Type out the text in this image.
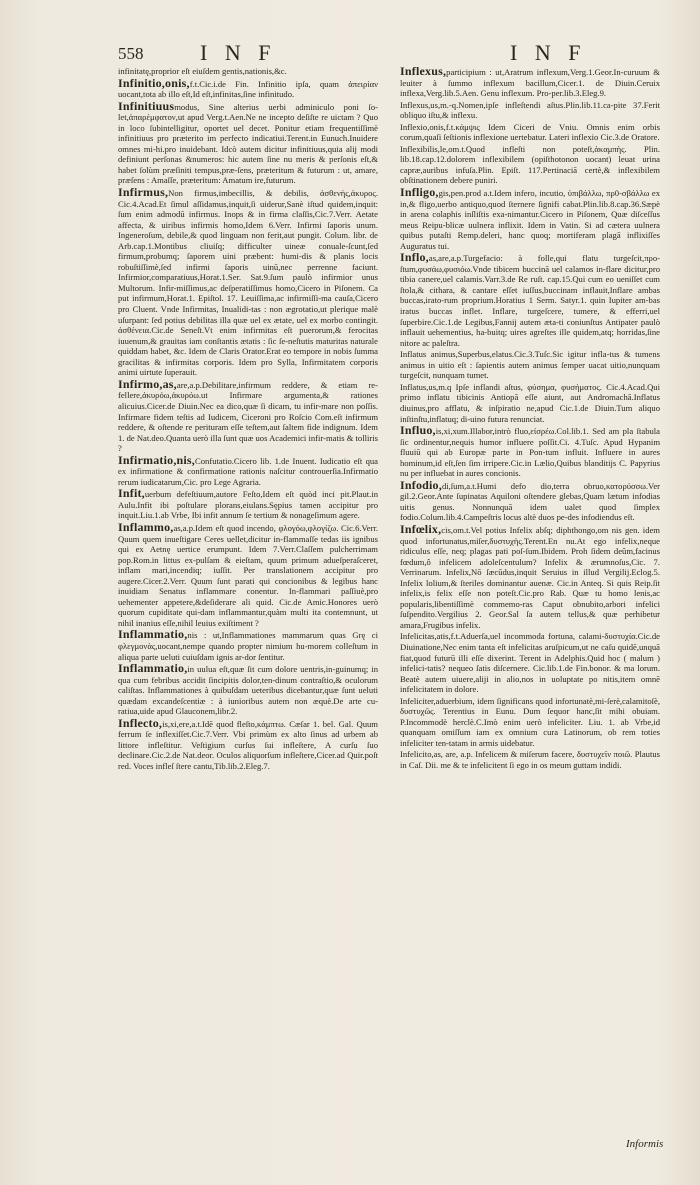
558	I N F	I N F

infinitatę,proprior eſt eiuſdem gentis,nationis,&c.

Infinitio,onis,f.t.Cic.i.de Fin. Infinitio ipſa, quam ἀπειρίαν uocant,tota ab illo eſt,Id eſt,infinitas,ſine infinitudo.

Infinitiuusmodus, Sine alterius uerbi adminiculo poni ſo-let,ἀπαρέμφατον,ut apud Verg.t.Aen.Ne ne incepto deſiſte re uictam ? Quo in loco ſubintelligitur, oportet uel decet. Ponitur etiam frequentiſſimè infinitiuus pro præterito im perfecto indicatiui.Terent.in Eunuch.Inuidere omnes mi-hi.pro inuidebant. Idcò autem dicitur infinitiuus,quia alij modi definiunt perſonas &numeros: hic autem ſine nu meris & perſonis eſt,& habet ſolùm præſiniti tempus,præ-ſens, præteritum & futurum : ut, amare, præſens : Amaſſe, præteritum: Amatum ire,futurum.

Infirmus,Non firmus,imbecillis, & debilis, ἀσθενὴς,ἀκυρος. Cic.4.Acad.Et ſimul aſſidamus,inquit,ſi uiderur,Sanè iſtud quidem,inquit: ſum enim admodū infirmus. Inops & in firma claſſis,Cic.7.Verr. Aetate affecta, & uiribus infirmis homo,Idem 6.Verr. Infirmi ſaporis unum. Ingeneroſum, debile,& quod linguam non ferit,aut pungit. Colum. libr. de Arb.cap.1.Montibus cliuiſq; difficulter uineæ conuale-ſcunt,ſed firmum,probumq; ſaporem uini præbent: humi-dis & planis locis robuſtiſſimè,ſed infirmi ſaporis uinū,nec perrenne faciunt. Infirmior,comparatiuus,Horat.1.Ser. Sat.9.ſum paulò infirmior unus Multorum. Infir-miſſimus,ac deſperatiſſimus homo,Cicero in Piſonem. Ca put infirmum,Horat.1. Epiſtol. 17. Leuiſſima,ac infirmiſſi-ma cauſa,Cicero pro Cluent. Vnde Infirmitas, Inualidi-tas : non ægrotatio,ut plerique malè uſurpant: ſed potius debilitas illa quæ uel ex ætate, uel ex morbo contingit. ἀσθένεια.Cic.de Seneſt.Vt enim infirmitas eſt puerorum,& ferocitas iuuenum,& grauitas iam conſtantis ætatis : ſic ſe-neſtutis maturitas naturale quiddam habet, &c. Idem de Claris Orator.Erat eo tempore in nobis ſumma gracilitas & infirmitas corporis. Idem pro Sylla, Infirmitatem corporis animi uirtute ſuperauit.

Infirmo,as,are,a.p.Debilitare,infirmum reddere, & etiam re-fellere,ἀκυρόω,ἀκυρόω.ut Infirmare argumenta,& rationes alicuius.Cicer.de Diuin.Nec ea dico,quæ ſi dicam, tu infir-mare non poſſis. Infirmare fidem teſtis ad Iudicem, Ciceroni pro Roſcio Com.eſt infirmum reddere, & oſtende re perituram eſſe teſtem,aut ſaltem fide indignum. Idem 1. de Nat.deo.Quanta uerò illa ſunt quæ uos Academici infir-matis & tolliris ?

Infirmatio,nis,Confutatio.Cicero lib. 1.de Inuent. Iudicatio eſt qua ex infirmatione & confirmatione rationis naſcitur controuerſia.Infirmatio rerum iudicatarum,Cic. pro Lege Agraria.

Infit,uerbum defeſtiuum,autore Feſto,Idem eſt quòd inci pit.Plaut.in Aulu.Infit ibi poſtulare plorans,eiulans.Sępius tamen accipitur pro inquit.Liu.1.ab Vrbe, Ibi infit annum ſe tertium & nonageſimum agere.

Inflammo,as,a.p.Idem eſt quod incendo, φλογόω,φλογίζω. Cic.6.Verr. Quum quem inueſtigare Ceres uellet,dicitur in-flammaſſe tedas iis ignibus qui ex Aetnę uertice erumpunt. Idem 7.Verr.Claſſem pulcherrimam pop.Rom.in littus ex-pulſam & eieſtam, quum primum adueſperaſceret, inflam mari,incendiq; iuſſit. Per translationem accipitur pro augere.Cicer.2.Verr. Quum ſunt parati qui concionibus & legibus hanc inuidiam Senatus inflammare conentur. In-flammari paſſiuè,pro uehementer appetere,&deſiderare ali quid. Cic.de Amic.Honores uerò quorum cupiditate qui-dam inflammantur,quàm multi ita contemnunt, ut nihil inanius eſſe,nihil leuius exiſtiment ?

Inflammatio,nis : ut,Inflammationes mammarum quas Grę ci φλεγμονὰς,uocant,nempe quando propter nimium hu-morem colleſtum in aliqua parte ueluti cuiuſdam ignis ar-dor ſentitur.

Inflammatio,in uulua eſt,quæ ſit cum dolore uentris,in-guinumq; in qua cum febribus accidit ſincipitis dolor,ten-dinum contraſtio,& oculorum caliſtas. Inflammationes à quibuſdam ueteribus dicebantur,quæ ſunt ueluti quædam excandeſcentiæ : à iunioribus autem non æquè.De arte cu-ratiua,uide apud Glauconem,libr.2.

Inflecto,is,xi,ere,a.t.Idē quod fleſto,κάμπτω. Cæſar 1. bel. Gal. Quum ferrum ſe inflexiſſet.Cic.7.Verr. Vbi primùm ex alto ſinus ad urbem ab littore infleſtitur. Veſtigium curſus ſui infleſtere, A curſu ſuo declinare.Cic.2.de Nat.deor. Oculos aliquorſum infleſtere,Cicer.ad Quir.poſt red. Voces infleſ ſtere cantu,Tib.lib.2.Eleg.7.

Inflexus,participium : ut,Aratrum inflexum,Verg.1.Geor.In-curuum & leuiter à ſummo inflexum bacillum,Cicer.1. de Diuin.Ceruix inflexa,Verg.lib.5.Aen. Genu inflexum. Pro-per.lib.3.Eleg.9.

Inflexus,us,m.-q.Nomen,ipſe infleſtendi aſtus.Plin.lib.11.ca-pite 37.Ferit obliquo iſtu,& inflexu.

Inflexio,onis,f.t.κάμψις Idem Ciceri de Vniu. Omnis enim orbis corum,quaſi ſeſtionis inflexione uertebatur. Lateri inflexio Cic.3.de Oratore.

Inflexibilis,le,om.t.Quod infleſti non poteſt,ἀκαμπὴς. Plin. lib.18.cap.12.dolorem inflexibilem (opiſthotonon uocant) leuat urina capræ,auribus infuſa.Plin. Epiſt. 117.Pertinaciā certè,& inflexibilem obſtinationem debere puniri.

Infligo,gis,pen.prod a.t.Idem infero, incutio, ὑπιβάλλω, πρ0-σβάλλω ex in,& fligo,uerbo antiquo,quod ſternere ſignifi cabat.Plin.lib.8.cap.36.Sæpè in arena colaphis inſliſtis exa-nimantur.Cicero in Piſonem, Quæ diſceſſus meus Reipu-blicæ uulnera inflixit. Idem in Vatin. Si ad cætera uulnera quibus putaſti Remp.deleri, hanc quoq; mortiferam plagā inflixiſſes Auguratus tui.

Inflo,as,are,a.p.Turgefacio: à folle,qui flatu turgeſcit,προ-ſtum,φυσάω,φυσιόω.Vnde tibicem buccinā uel calamos in-flare dicitur,pro tibia canere,uel calamis.Varr.3.de Re ruſt. cap.15.Qui cum eo ueniſſet cum ſtola,& cithara, & cantare eſſet iuſſus,buccinam inflauit,Inflare ambas buccas,irato-rum proprium.Horatius 1 Serm. Satyr.1. quin Iupiter am-bas iratus buccas inflet. Inflare, turgeſcere, tumere, & efferri,uel ſuperbire.Cic.1.de Legibus,Fannij autem æta-ti coniunſtus Antipater paulò inflauit uehementius, ha-buitq; uires agreſtes ille quidem,atq; horridas,ſine nitore ac paleſtra.

Inflatus animus,Superbus,elatus.Cic.3.Tuſc.Sic igitur infla-tus & tumens animus in uitio eſt : ſapientis autem animus ſemper uacat uitio,nunquam turgeſcit, nunquam tumet.

Inflatus,us,m.q Ipſe inflandi aſtus, φύσημα, φυσήματος. Cic.4.Acad.Qui primo inflatu tibicinis Antiopā eſſe aiunt, aut Andromachā.Inflatus diuinus,pro afflatu, & inſpiratio ne,apud Cic.1.de Diuin.Tum aliquo inſtinſtu,inflatuq; di-uino futura renunciat.

Influo,is,xi,xum.Illabor,intrò fluo,εἰσρέω.Col.lib.1. Sed am pla ſtabula ſic ordinentur,nequis humor influere poſſit.Ci. 4.Tuſc. Apud Hypanim fluuiū qui ab Europæ parte in Pon-tum influit. Influere in aures hominum,id eſt,ſen ſim irripere.Cic.in Lælio,Quibus blanditijs C. Papyrius nu per influebat in aures concionis.

Infodio,di,ſum,a.t.Humi defo dio,terra obruo,κατορύσσω.Ver gil.2.Geor.Ante ſupinatas Aquiloni oſtendere glebas,Quam lætum infodias uitis genus. Nonnunquā idem ualet quod ſimplex fodio.Colum.lib.4.Campeſtris locus altè duos pe-des infodiendus eſt.

Infœlix,cis,om.t.Vel potius Infelix abſq; diphthongo,om nis gen. idem quod infortunatus,miſer,δυστυχὴς.Terent.En nu.At ego infelix,neque ridiculus eſſe, neq; plagas pati poſ-ſum.Ibidem. Proh ſidem deûm,facinus fœdum,ô infelicem adoleſcentulum? Infelix & ærumnoſus,Cic. 7. Verrinarum. Infelix,Nō ſæcūdus,inquit Seruius in illud Vergilij.Eclog.5. Infelix lolium,& ſteriles dominantur auenæ. Cic.in Anteq. Si quis Reip.ſit infelix,is felix eſſe non poteſt.Cic.pro Rab. Quæ tu homo lenis,ac popularis,libentiſſimè commemo-ras Caput obnubito,arbori infelici ſuſpendito.Vergilius 2. Geor.Sal ſa autem tellus,& quæ perhibetur amara,Frugibus infelix.

Infelicitas,atis,f.t.Aduerſa,uel incommoda fortuna, calami-δυστυχία.Cic.de Diuinatione,Nec enim tanta eſt infelicitas aruſpicum,ut ne caſu quidē,unquā fiat,quod futurū illi eſſe dixerint. Terent in Adelphis.Quid hoc ( malum ) infelici-tatis? nequeo ſatis diſcernere. Cic.lib.1.de Fin.bonor. & ma lorum. Beatè autem uiuere,aliji in alio,nos in uoluptate po nitis,item omnē infelicitatem in dolore.

Infeliciter,aduerbium, idem ſignificans quod infortunatè,mi-ſerè,calamitoſè, δυστυχῶς. Terentius in Eunu. Dum ſequor hanc,ſit mihi obuiam. P.Incommodè herclè.C.Imò enim uerò infeliciter. Liu. 1. ab Vrbe,id quanquam omiſſum iam ex omnium cura Latinorum, ob rem toties infeliciter ten-tatam in armis uidebatur.

Infelicito,as, are, a.p. Infelicem & miſerum facere, δυστυχεῖν ποιῶ. Plautus in Caſ. Dii. me & te infelicitent ſi ego in os meum guttam indidi.

Informis
